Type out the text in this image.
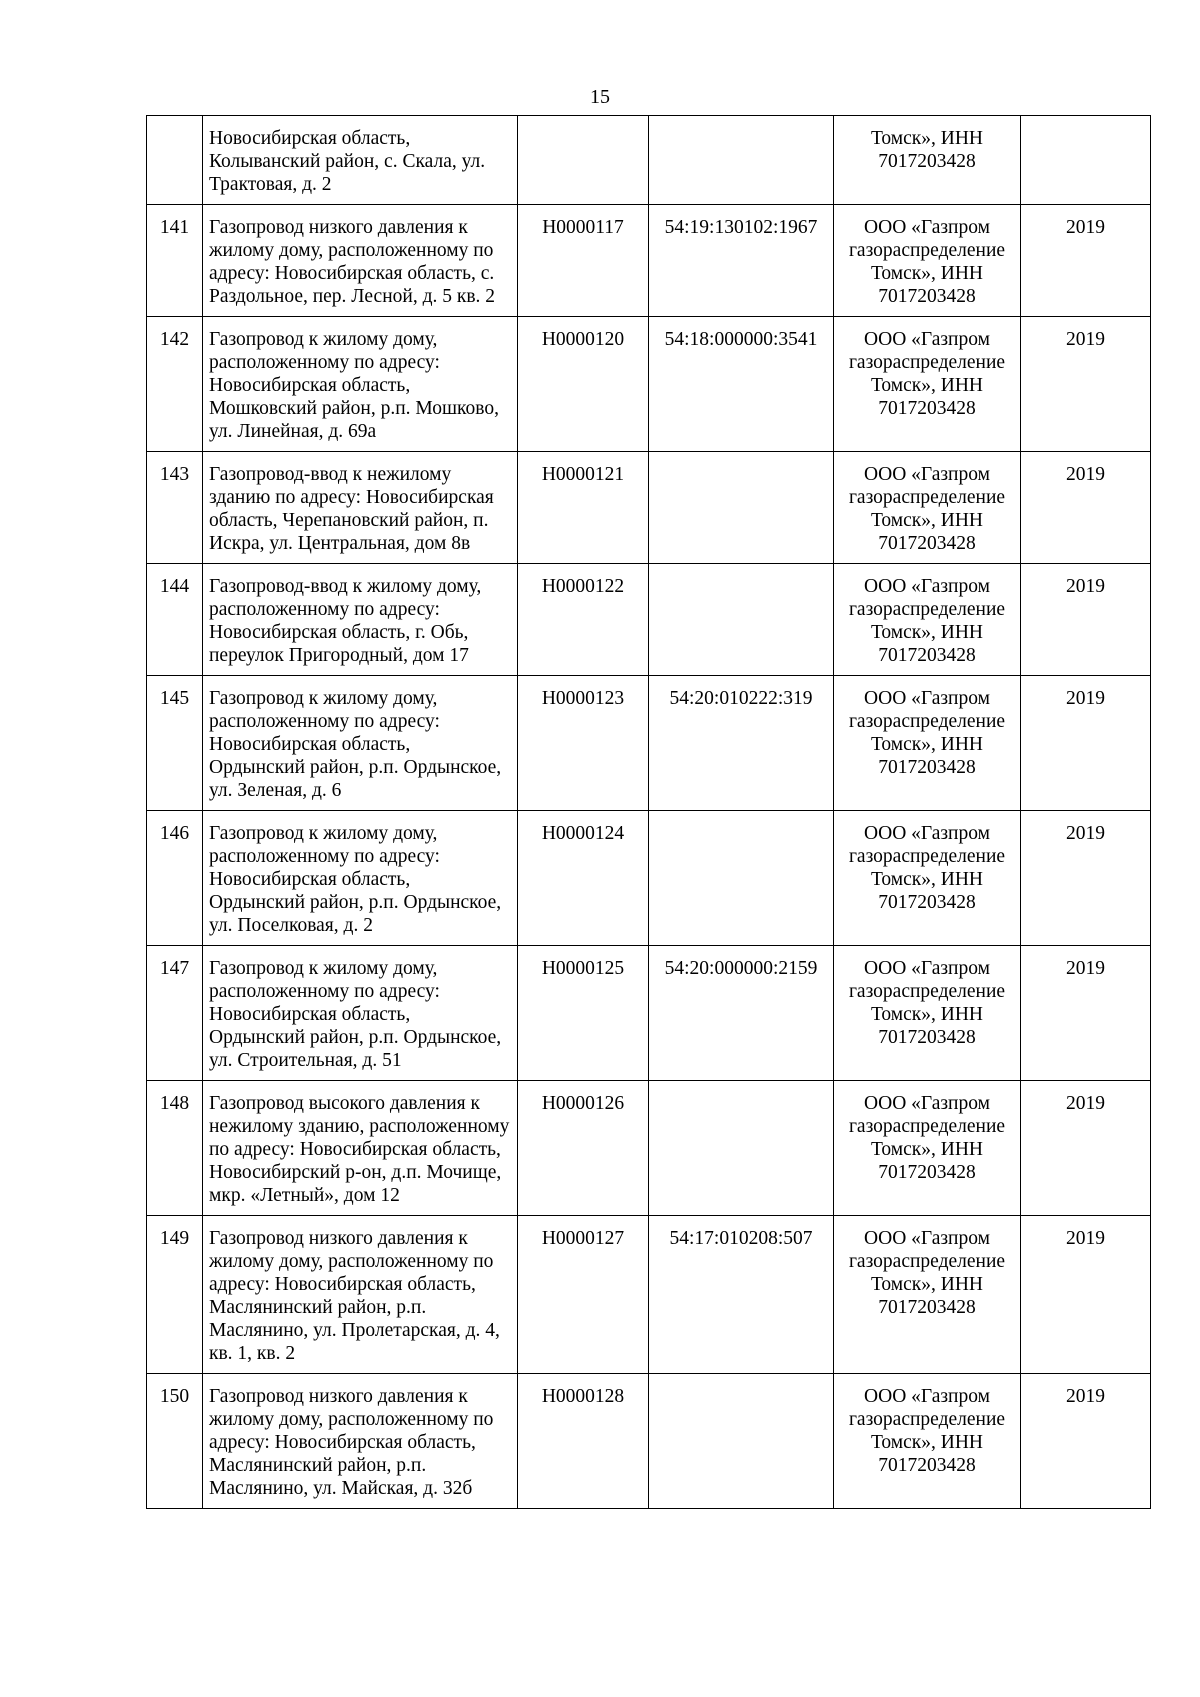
15
	Новосибирская область, Колыванский район, с. Скала, ул. Трактовая, д. 2			Томск», ИНН 7017203428	
141	Газопровод низкого давления к жилому дому, расположенному по адресу: Новосибирская область, с. Раздольное, пер. Лесной, д. 5 кв. 2	Н0000117	54:19:130102:1967	ООО «Газпром газораспределение Томск», ИНН 7017203428	2019
142	Газопровод к жилому дому, расположенному по адресу: Новосибирская область, Мошковский район, р.п. Мошково, ул. Линейная, д. 69а	Н0000120	54:18:000000:3541	ООО «Газпром газораспределение Томск», ИНН 7017203428	2019
143	Газопровод-ввод к нежилому зданию по адресу: Новосибирская область, Черепановский район, п. Искра, ул. Центральная, дом 8в	Н0000121		ООО «Газпром газораспределение Томск», ИНН 7017203428	2019
144	Газопровод-ввод к жилому дому, расположенному по адресу: Новосибирская область, г. Обь, переулок Пригородный, дом 17	Н0000122		ООО «Газпром газораспределение Томск», ИНН 7017203428	2019
145	Газопровод к жилому дому, расположенному по адресу: Новосибирская область, Ордынский район, р.п. Ордынское, ул. Зеленая, д. 6	Н0000123	54:20:010222:319	ООО «Газпром газораспределение Томск», ИНН 7017203428	2019
146	Газопровод к жилому дому, расположенному по адресу: Новосибирская область, Ордынский район, р.п. Ордынское, ул. Поселковая, д. 2	Н0000124		ООО «Газпром газораспределение Томск», ИНН 7017203428	2019
147	Газопровод к жилому дому, расположенному по адресу: Новосибирская область, Ордынский район, р.п. Ордынское, ул. Строительная, д. 51	Н0000125	54:20:000000:2159	ООО «Газпром газораспределение Томск», ИНН 7017203428	2019
148	Газопровод высокого давления к нежилому зданию, расположенному по адресу: Новосибирская область, Новосибирский р-он, д.п. Мочище, мкр. «Летный», дом 12	Н0000126		ООО «Газпром газораспределение Томск», ИНН 7017203428	2019
149	Газопровод низкого давления к жилому дому, расположенному по адресу: Новосибирская область, Маслянинский район, р.п. Маслянино, ул. Пролетарская, д. 4, кв. 1, кв. 2	Н0000127	54:17:010208:507	ООО «Газпром газораспределение Томск», ИНН 7017203428	2019
150	Газопровод низкого давления к жилому дому, расположенному по адресу: Новосибирская область, Маслянинский район, р.п. Маслянино, ул. Майская, д. 32б	Н0000128		ООО «Газпром газораспределение Томск», ИНН 7017203428	2019
